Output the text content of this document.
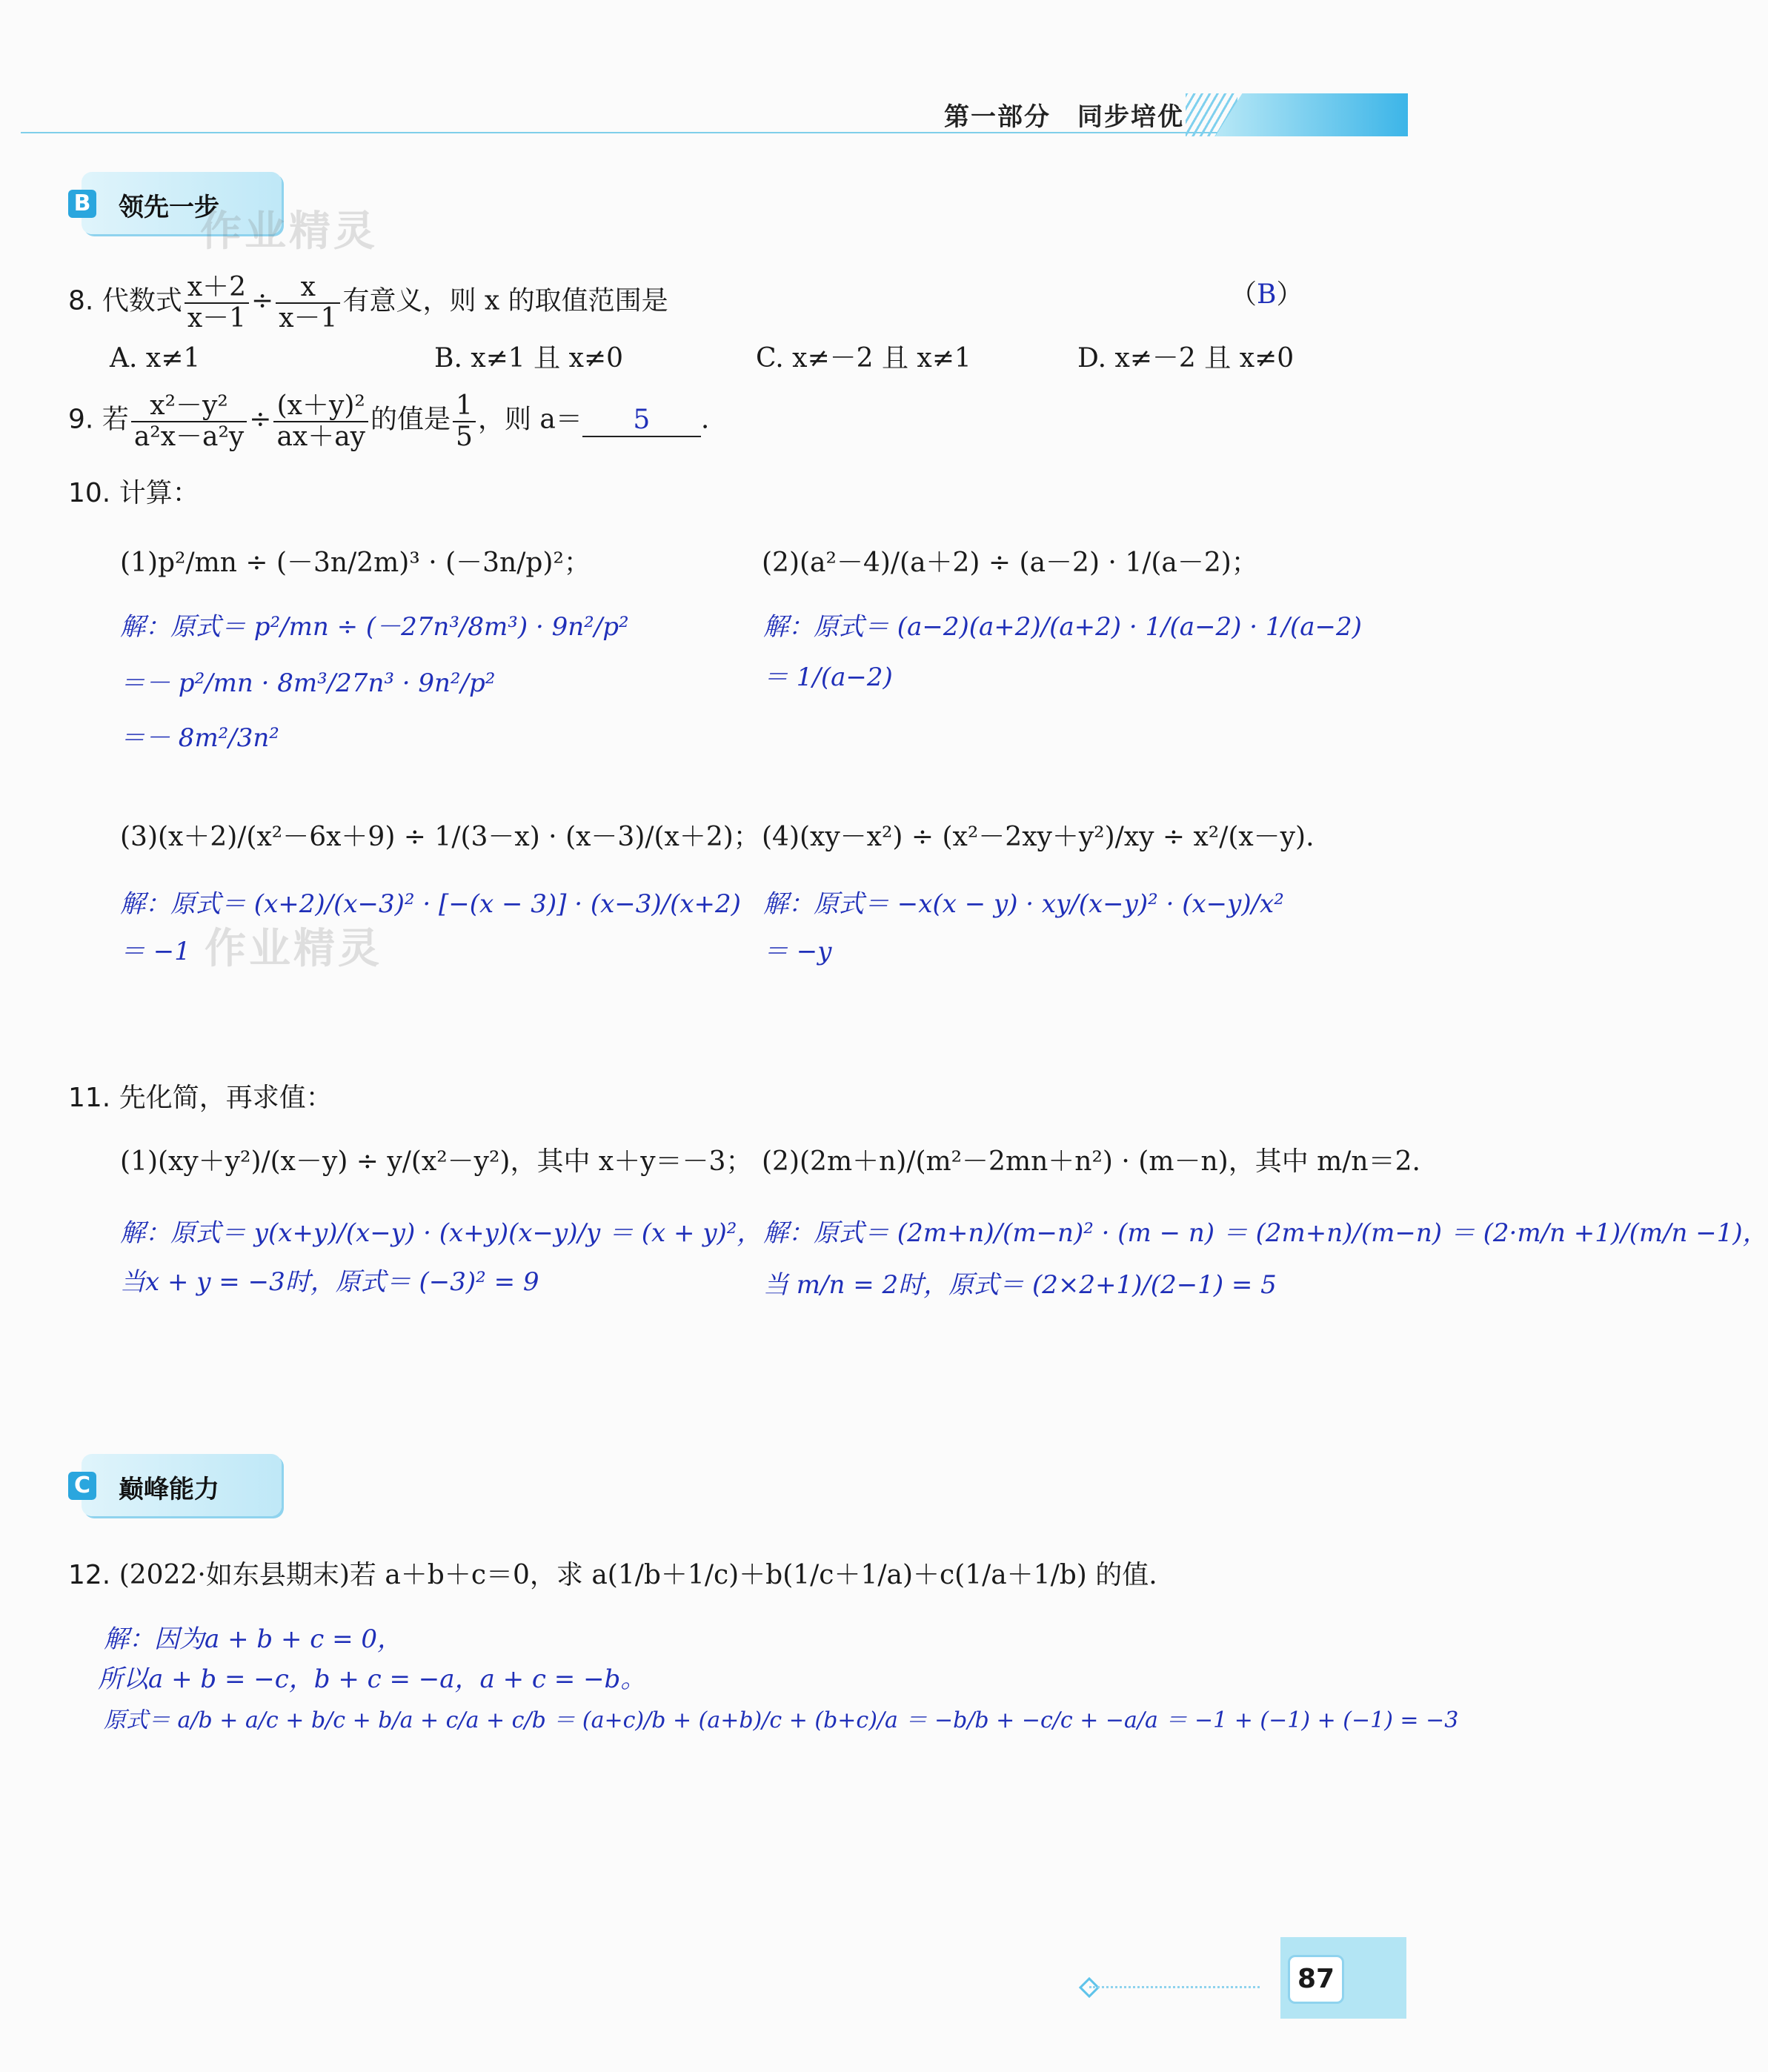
第一部分　同步培优
B 领先一步
作业精灵
8. 代数式 $\frac{x+2}{x-1} \div \frac{x}{x-1}$ 有意义，则 x 的取值范围是	（B）
A. x≠1	B. x≠1 且 x≠0	C. x≠－2 且 x≠1	D. x≠－2 且 x≠0
9. 若 $\frac{\text{x²－y²}}{\text{a²x－a²y}} \div \frac{\text{(x＋y)²}}{ax+ay}$ 的值是 $\frac{1}{5}$ ，则 a＝ 5 .
10. 计算：
(1)p²/mn ÷ (－3n/2m)³ · (－3n/p)²；
解：原式＝ p²/mn ÷ (－27n³/8m³) · 9n²/p²
＝－ p²/mn · 8m³/27n³ · 9n²/p²
＝－ 8m²/3n²
(2)(a²－4)/(a＋2) ÷ (a－2) · 1/(a－2)；
解：原式＝ (a−2)(a+2)/(a+2) · 1/(a−2) · 1/(a−2)
＝ 1/(a−2)
(3)(x＋2)/(x²－6x＋9) ÷ 1/(3－x) · (x－3)/(x＋2)；
解：原式＝ (x+2)/(x−3)² · [−(x − 3)] · (x−3)/(x+2)
＝ −1 作业精灵
(4)(xy－x²) ÷ (x²－2xy＋y²)/xy ÷ x²/(x－y).
解：原式＝ −x(x − y) · xy/(x−y)² · (x−y)/x²
＝ −y
11. 先化简，再求值：
(1)(xy＋y²)/(x－y) ÷ y/(x²－y²)，其中 x＋y＝－3；
解：原式＝ y(x+y)/(x−y) · (x+y)(x−y)/y ＝ (x + y)²，
当x + y = −3时，原式＝ (−3)² = 9
(2)(2m＋n)/(m²－2mn＋n²) · (m－n)，其中 m/n＝2.
解：原式＝ (2m+n)/(m−n)² · (m − n) ＝ (2m+n)/(m−n) ＝ (2·m/n +1)/(m/n −1)，
当 m/n = 2时，原式＝ (2×2+1)/(2−1) = 5
C 巅峰能力
12. (2022·如东县期末)若 a＋b＋c＝0，求 a(1/b＋1/c)＋b(1/c＋1/a)＋c(1/a＋1/b) 的值.
解：因为a + b + c = 0，
所以a + b = −c，b + c = −a，a + c = −b。
原式＝ a/b + a/c + b/c + b/a + c/a + c/b ＝ (a+c)/b + (a+b)/c + (b+c)/a ＝ −b/b + −c/c + −a/a ＝ −1 + (−1) + (−1) = −3
87
